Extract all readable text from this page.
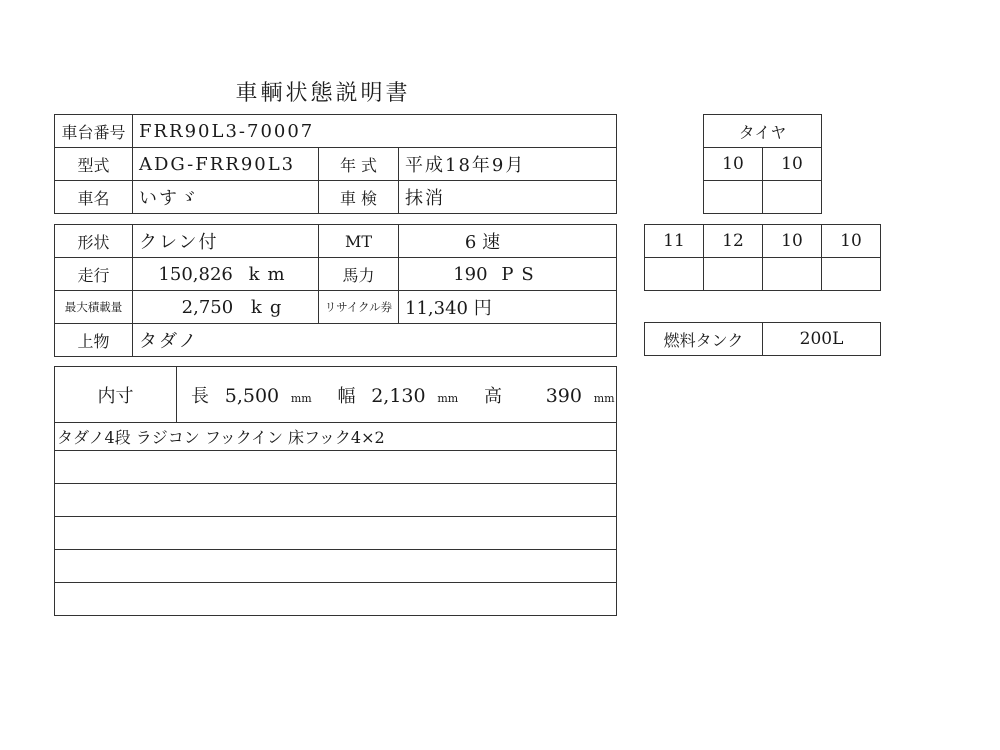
車輌状態説明書
車台番号	FRR90L3-70007		
型式	ADG-FRR90L3	年 式	平成18年9月
車名	いすゞ	車 検	抹消
形状	クレン付	MT	6 速
走行	150,826 km	馬力	190 PS
最大積載量	2,750 kg	リサイクル券	11,340 円
上物	タダノ		
内寸	長 5,500 mm 幅 2,130 mm 高 390 mm
タダノ4段 ラジコン フックイン 床フック4×2

タイヤ	
10	10

11	12	10	10

燃料タンク	200L
